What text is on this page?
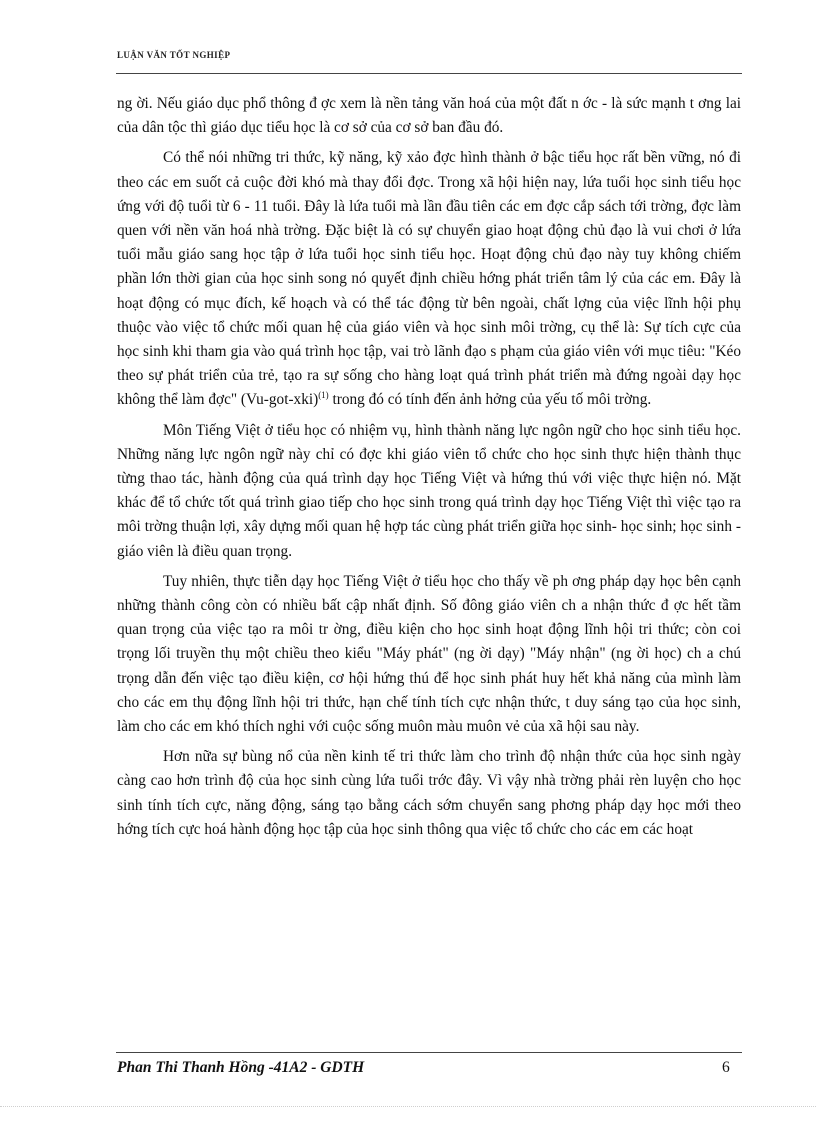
LUẬN VĂN TỐT NGHIỆP

ng ời. Nếu giáo dục phổ thông đ ợc xem là nền tảng văn hoá của một đất n ớc - là sức mạnh t ơng lai của dân tộc thì giáo dục tiểu học là cơ sở của cơ sở ban đầu đó.

Có thể nói những tri thức, kỹ năng, kỹ xảo đợc hình thành ở bậc tiểu học rất bền vững, nó đi theo các em suốt cả cuộc đời khó mà thay đổi đợc. Trong xã hội hiện nay, lứa tuổi học sinh tiểu học ứng với độ tuổi từ 6 - 11 tuổi. Đây là lứa tuổi mà lần đầu tiên các em đợc cắp sách tới trờng, đợc làm quen với nền văn hoá nhà trờng. Đặc biệt là có sự chuyển giao hoạt động chủ đạo là vui chơi ở lứa tuổi mẫu giáo sang học tập ở lứa tuổi học sinh tiểu học. Hoạt động chủ đạo này tuy không chiếm phần lớn thời gian của học sinh song nó quyết định chiều hớng phát triển tâm lý của các em. Đây là hoạt động có mục đích, kế hoạch và có thể tác động từ bên ngoài, chất lợng của việc lĩnh hội phụ thuộc vào việc tổ chức mối quan hệ của giáo viên và học sinh môi trờng, cụ thể là: Sự tích cực của học sinh khi tham gia vào quá trình học tập, vai trò lãnh đạo s phạm của giáo viên với mục tiêu: "Kéo theo sự phát triển của trẻ, tạo ra sự sống cho hàng loạt quá trình phát triển mà đứng ngoài dạy học không thể làm đợc" $(Vu-got-xki)^{(1)}$ trong đó có tính đến ảnh hởng của yếu tố môi trờng.

Môn Tiếng Việt ở tiểu học có nhiệm vụ, hình thành năng lực ngôn ngữ cho học sinh tiểu học. Những năng lực ngôn ngữ này chỉ có đợc khi giáo viên tổ chức cho học sinh thực hiện thành thục từng thao tác, hành động của quá trình dạy học Tiếng Việt và hứng thú với việc thực hiện nó. Mặt khác để tổ chức tốt quá trình giao tiếp cho học sinh trong quá trình dạy học Tiếng Việt thì việc tạo ra môi trờng thuận lợi, xây dựng mối quan hệ hợp tác cùng phát triển giữa học sinh- học sinh; học sinh - giáo viên là điều quan trọng.

Tuy nhiên, thực tiễn dạy học Tiếng Việt ở tiểu học cho thấy về ph ơng pháp dạy học bên cạnh những thành công còn có nhiều bất cập nhất định. Số đông giáo viên ch a nhận thức đ ợc hết tầm quan trọng của việc tạo ra môi tr ờng, điều kiện cho học sinh hoạt động lĩnh hội tri thức; còn coi trọng lối truyền thụ một chiều theo kiểu "Máy phát" (ng ời dạy) "Máy nhận" (ng ời học) ch a chú trọng dẫn đến việc tạo điều kiện, cơ hội hứng thú để học sinh phát huy hết khả năng của mình làm cho các em thụ động lĩnh hội tri thức, hạn chế tính tích cực nhận thức, t duy sáng tạo của học sinh, làm cho các em khó thích nghi với cuộc sống muôn màu muôn vẻ của xã hội sau này.

Hơn nữa sự bùng nổ của nền kinh tế tri thức làm cho trình độ nhận thức của học sinh ngày càng cao hơn trình độ của học sinh cùng lứa tuổi trớc đây. Vì vậy nhà trờng phải rèn luyện cho học sinh tính tích cực, năng động, sáng tạo bằng cách sớm chuyển sang phơng pháp dạy học mới theo hớng tích cực hoá hành động học tập của học sinh thông qua việc tổ chức cho các em các hoạt

Phan Thi Thanh Hồng -41A2 - GDTH	6
